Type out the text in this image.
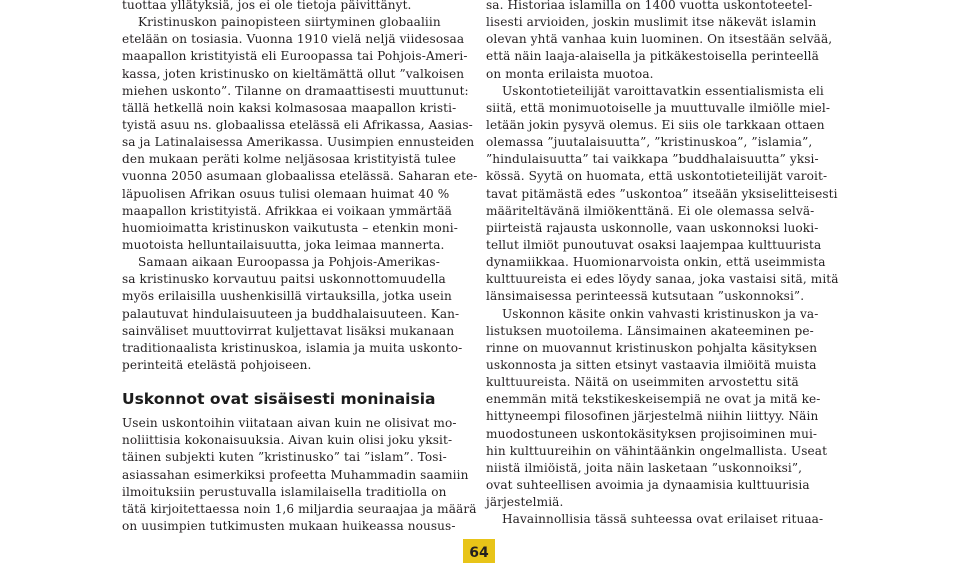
tuottaa yllätyksiä, jos ei ole tietoja päivittänyt.
Kristinuskon painopisteen siirtyminen globaaliin
etelään on tosiasia. Vuonna 1910 vielä neljä viidesosaa
maapallon kristityistä eli Euroopassa tai Pohjois-Ameri-
kassa, joten kristinusko on kieltämättä ollut ”valkoisen
miehen uskonto”. Tilanne on dramaattisesti muuttunut:
tällä hetkellä noin kaksi kolmasosaa maapallon kristi-
tyistä asuu ns. globaalissa etelässä eli Afrikassa, Aasias-
sa ja Latinalaisessa Amerikassa. Uusimpien ennusteiden
den mukaan peräti kolme neljäsosaa kristityistä tulee
vuonna 2050 asumaan globaalissa etelässä. Saharan ete-
läpuolisen Afrikan osuus tulisi olemaan huimat 40 %
maapallon kristityistä. Afrikkaa ei voikaan ymmärtää
huomioimatta kristinuskon vaikutusta – etenkin moni-
muotoista helluntailaisuutta, joka leimaa mannerta.
Samaan aikaan Euroopassa ja Pohjois-Amerikas-
sa kristinusko korvautuu paitsi uskonnottomuudella
myös erilaisilla uushenkisillä virtauksilla, jotka usein
palautuvat hindulaisuuteen ja buddhalaisuuteen. Kan-
sainväliset muuttovirrat kuljettavat lisäksi mukanaan
traditionaalista kristinuskoa, islamia ja muita uskonto-
perinteitä etelästä pohjoiseen.
Uskonnot ovat sisäisesti moninaisia
Usein uskontoihin viitataan aivan kuin ne olisivat mo-
noliittisia kokonaisuuksia. Aivan kuin olisi joku yksit-
täinen subjekti kuten ”kristinusko” tai ”islam”. Tosi-
asiassahan esimerkiksi profeetta Muhammadin saamiin
ilmoituksiin perustuvalla islamilaisella traditiolla on
tätä kirjoitettaessa noin 1,6 miljardia seuraajaa ja määrä
on uusimpien tutkimusten mukaan huikeassa nousus-
sa. Historiaa islamilla on 1400 vuotta uskontoteetel-
lisesti arvioiden, joskin muslimit itse näkevät islamin
olevan yhtä vanhaa kuin luominen. On itsestään selvää,
että näin laaja-alaisella ja pitkäkestoisella perinteellä
on monta erilaista muotoa.
Uskontotieteilijät varoittavatkin essentialismista eli
siitä, että monimuotoiselle ja muuttuvalle ilmiölle miel-
letään jokin pysyvä olemus. Ei siis ole tarkkaan ottaen
olemassa ”juutalaisuutta”, ”kristinuskoa”, ”islamia”,
”hindulaisuutta” tai vaikkapa ”buddhalaisuutta” yksi-
kössä. Syytä on huomata, että uskontotieteilijät varoit-
tavat pitämästä edes ”uskontoa” itseään yksiselitteisesti
määriteltävänä ilmiökenttänä. Ei ole olemassa selvä-
piirteistä rajausta uskonnolle, vaan uskonnoksi luoki-
tellut ilmiöt punoutuvat osaksi laajempaa kulttuurista
dynamiikkaa. Huomionarvoista onkin, että useimmista
kulttuureista ei edes löydy sanaa, joka vastaisi sitä, mitä
länsimaisessa perinteessä kutsutaan ”uskonnoksi”.
Uskonnon käsite onkin vahvasti kristinuskon ja va-
listuksen muotoilema. Länsimainen akateeminen pe-
rinne on muovannut kristinuskon pohjalta käsityksen
uskonnosta ja sitten etsinyt vastaavia ilmiöitä muista
kulttuureista. Näitä on useimmiten arvostettu sitä
enemmän mitä tekstikeskeisempiä ne ovat ja mitä ke-
hittyneempi filosofinen järjestelmä niihin liittyy. Näin
muodostuneen uskontokäsityksen projisoiminen mui-
hin kulttuureihin on vähintäänkin ongelmallista. Useat
niistä ilmiöistä, joita näin lasketaan ”uskonnoiksi”,
ovat suhteellisen avoimia ja dynaamisia kulttuurisia
järjestelmiä.
Havainnollisia tässä suhteessa ovat erilaiset rituaa-
64
